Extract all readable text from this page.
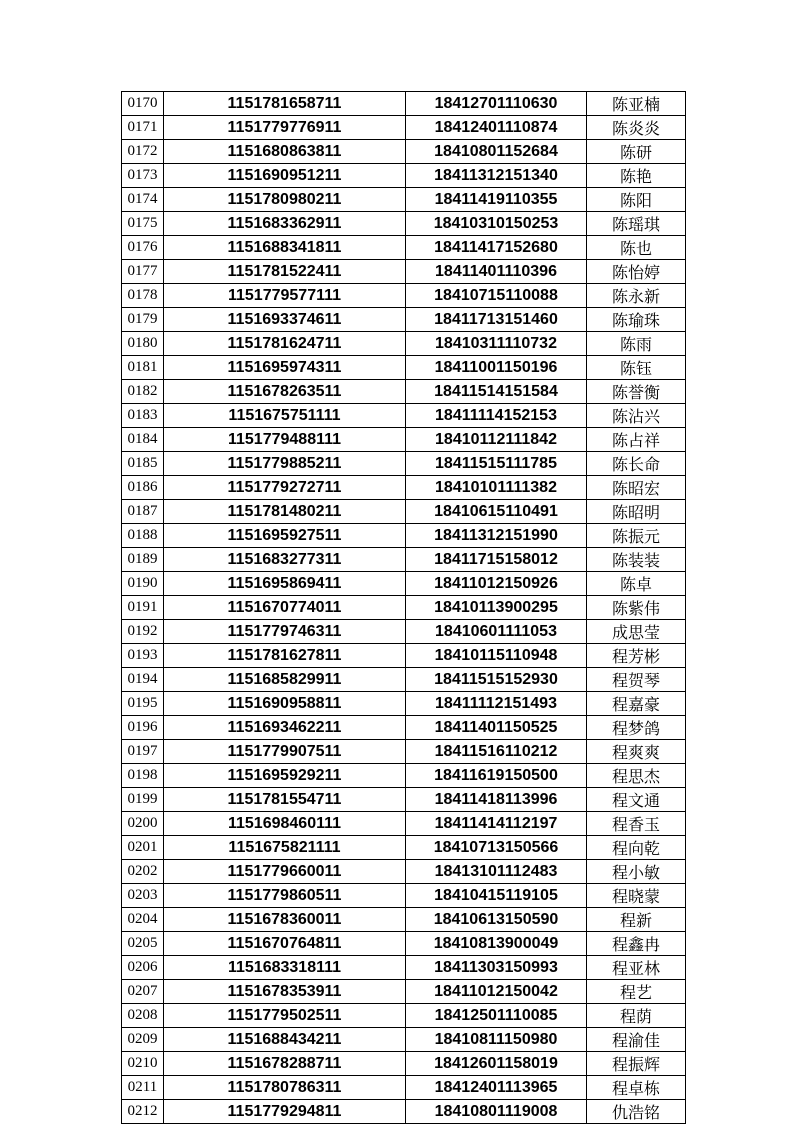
0170	1151781658711	18412701110630	陈亚楠
0171	1151779776911	18412401110874	陈炎炎
0172	1151680863811	18410801152684	陈研
0173	1151690951211	18411312151340	陈艳
0174	1151780980211	18411419110355	陈阳
0175	1151683362911	18410310150253	陈瑶琪
0176	1151688341811	18411417152680	陈也
0177	1151781522411	18411401110396	陈怡婷
0178	1151779577111	18410715110088	陈永新
0179	1151693374611	18411713151460	陈瑜珠
0180	1151781624711	18410311110732	陈雨
0181	1151695974311	18411001150196	陈钰
0182	1151678263511	18411514151584	陈誉衡
0183	1151675751111	18411114152153	陈沾兴
0184	1151779488111	18410112111842	陈占祥
0185	1151779885211	18411515111785	陈长命
0186	1151779272711	18410101111382	陈昭宏
0187	1151781480211	18410615110491	陈昭明
0188	1151695927511	18411312151990	陈振元
0189	1151683277311	18411715158012	陈装装
0190	1151695869411	18411012150926	陈卓
0191	1151670774011	18410113900295	陈紫伟
0192	1151779746311	18410601111053	成思莹
0193	1151781627811	18410115110948	程芳彬
0194	1151685829911	18411515152930	程贺琴
0195	1151690958811	18411112151493	程嘉豪
0196	1151693462211	18411401150525	程梦鸽
0197	1151779907511	18411516110212	程爽爽
0198	1151695929211	18411619150500	程思杰
0199	1151781554711	18411418113996	程文通
0200	1151698460111	18411414112197	程香玉
0201	1151675821111	18410713150566	程向乾
0202	1151779660011	18413101112483	程小敏
0203	1151779860511	18410415119105	程晓蒙
0204	1151678360011	18410613150590	程新
0205	1151670764811	18410813900049	程鑫冉
0206	1151683318111	18411303150993	程亚林
0207	1151678353911	18411012150042	程艺
0208	1151779502511	18412501110085	程荫
0209	1151688434211	18410811150980	程渝佳
0210	1151678288711	18412601158019	程振辉
0211	1151780786311	18412401113965	程卓栋
0212	1151779294811	18410801119008	仇浩铭
